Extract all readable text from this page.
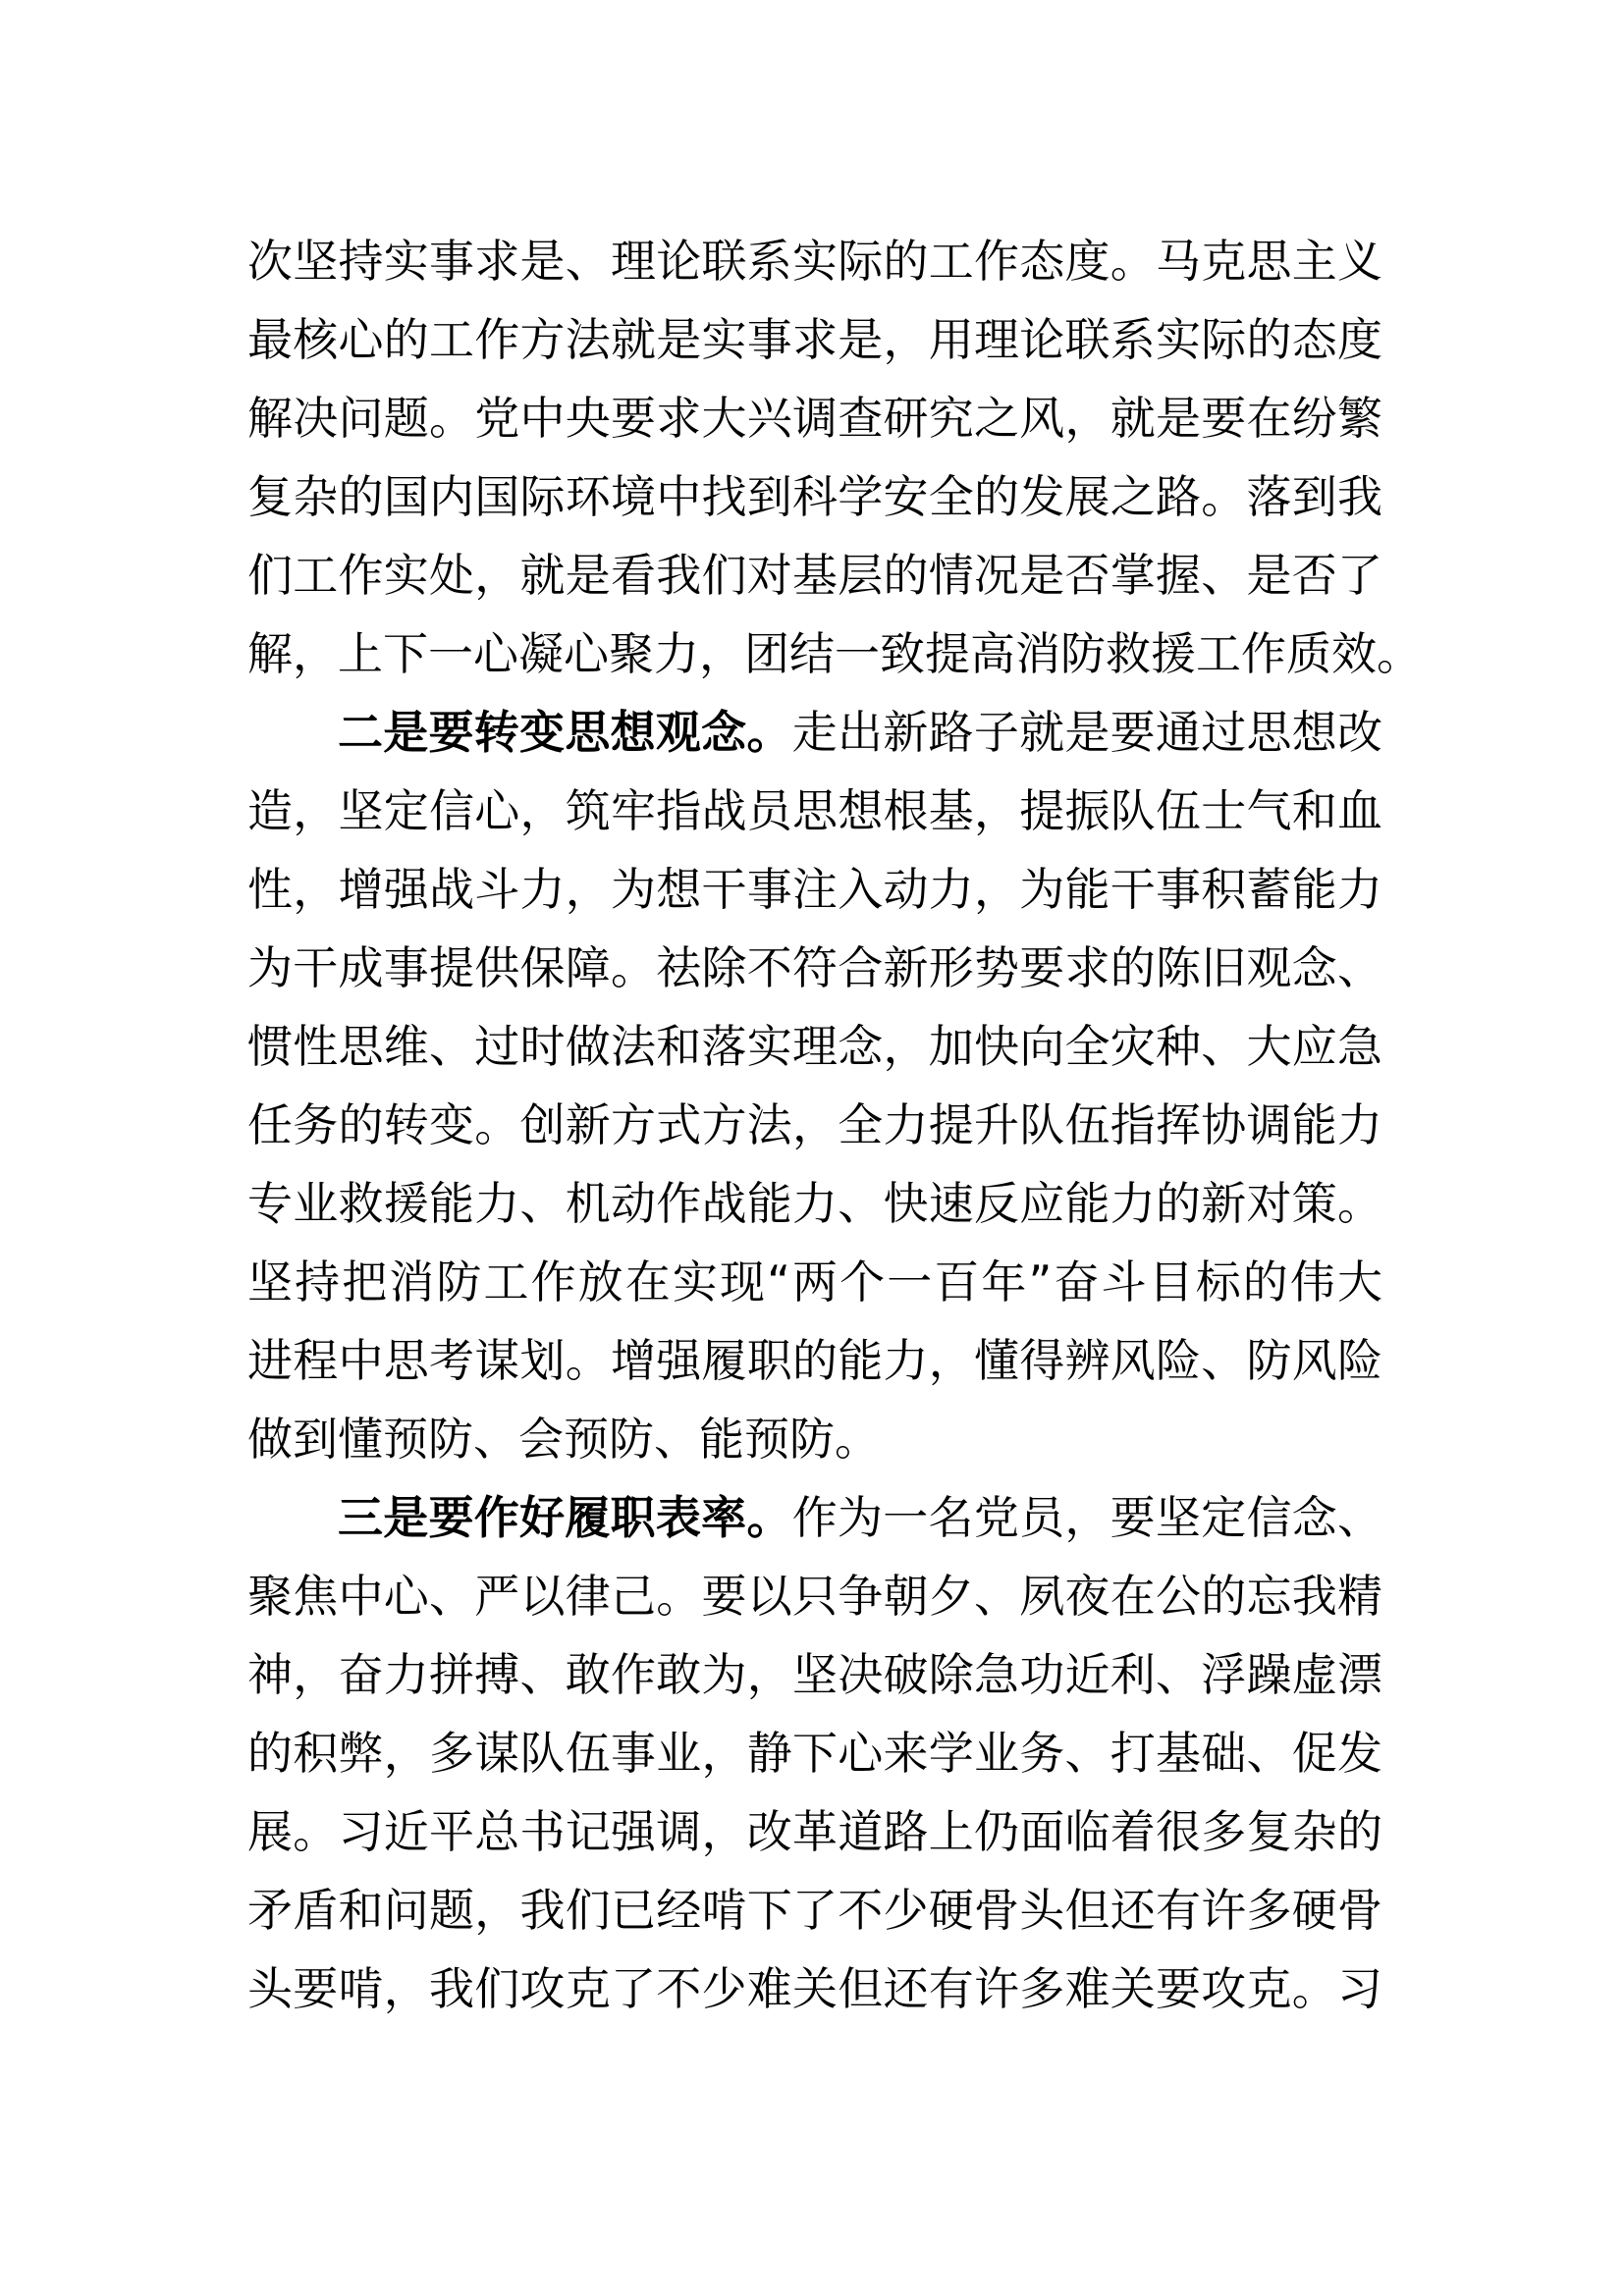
次坚持实事求是、理论联系实际的工作态度。马克思主义
最核心的工作方法就是实事求是，用理论联系实际的态度
解决问题。党中央要求大兴调查研究之风，就是要在纷繁
复杂的国内国际环境中找到科学安全的发展之路。落到我
们工作实处，就是看我们对基层的情况是否掌握、是否了
解，上下一心凝心聚力，团结一致提高消防救援工作质效。
二是要转变思想观念。走出新路子就是要通过思想改
造，坚定信心，筑牢指战员思想根基，提振队伍士气和血
性，增强战斗力，为想干事注入动力，为能干事积蓄能力
为干成事提供保障。祛除不符合新形势要求的陈旧观念、
惯性思维、过时做法和落实理念，加快向全灾种、大应急
任务的转变。创新方式方法，全力提升队伍指挥协调能力
专业救援能力、机动作战能力、快速反应能力的新对策。
坚持把消防工作放在实现“两个一百年”奋斗目标的伟大
进程中思考谋划。增强履职的能力，懂得辨风险、防风险
做到懂预防、会预防、能预防。
三是要作好履职表率。作为一名党员，要坚定信念、
聚焦中心、严以律己。要以只争朝夕、夙夜在公的忘我精
神，奋力拼搏、敢作敢为，坚决破除急功近利、浮躁虚漂
的积弊，多谋队伍事业，静下心来学业务、打基础、促发
展。习近平总书记强调，改革道路上仍面临着很多复杂的
矛盾和问题，我们已经啃下了不少硬骨头但还有许多硬骨
头要啃，我们攻克了不少难关但还有许多难关要攻克。习
